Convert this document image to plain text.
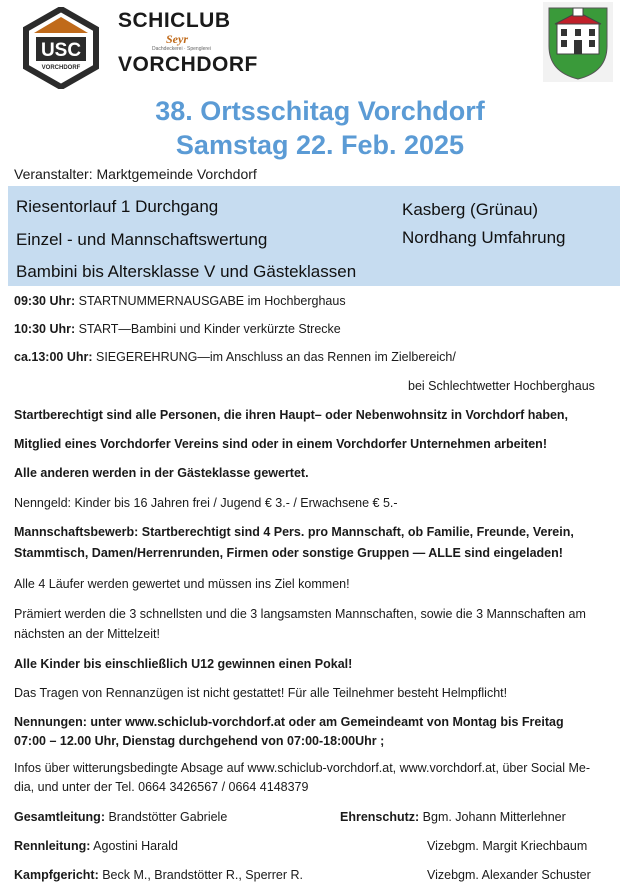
USC
VORCHDORF
SCHICLUB
Seyr
Dachdeckerei · Spenglerei
VORCHDORF
38. Ortsschitag Vorchdorf
Samstag 22. Feb. 2025
Veranstalter: Marktgemeinde Vorchdorf
Riesentorlauf 1 Durchgang
Einzel - und Mannschaftswertung
Bambini bis Altersklasse V und Gästeklassen
Kasberg (Grünau)
Nordhang Umfahrung
09:30 Uhr: STARTNUMMERNAUSGABE im Hochberghaus
10:30 Uhr: START—Bambini und Kinder verkürzte Strecke
ca.13:00 Uhr: SIEGEREHRUNG—im Anschluss an das Rennen im Zielbereich/
bei Schlechtwetter Hochberghaus
Startberechtigt sind alle Personen, die ihren Haupt– oder Nebenwohnsitz in Vorchdorf haben,
Mitglied eines Vorchdorfer Vereins sind oder in einem Vorchdorfer Unternehmen arbeiten!
Alle anderen werden in der Gästeklasse gewertet.
Nenngeld: Kinder bis 16 Jahren frei / Jugend € 3.- / Erwachsene € 5.-
Mannschaftsbewerb: Startberechtigt sind 4 Pers. pro Mannschaft, ob Familie, Freunde, Verein,
Stammtisch, Damen/Herrenrunden, Firmen oder sonstige Gruppen — ALLE sind eingeladen!
Alle 4 Läufer werden gewertet und müssen ins Ziel kommen!
Prämiert werden die 3 schnellsten und die 3 langsamsten Mannschaften, sowie die 3 Mannschaften am
nächsten an der Mittelzeit!
Alle Kinder bis einschließlich U12 gewinnen einen Pokal!
Das Tragen von Rennanzügen ist nicht gestattet! Für alle Teilnehmer besteht Helmpflicht!
Nennungen: unter www.schiclub-vorchdorf.at oder am Gemeindeamt von Montag bis Freitag
07:00 – 12.00 Uhr, Dienstag durchgehend von 07:00-18:00Uhr ;
Infos über witterungsbedingte Absage auf www.schiclub-vorchdorf.at, www.vorchdorf.at, über Social Me-
dia, und unter der Tel. 0664 3426567 / 0664 4148379
Gesamtleitung: Brandstötter Gabriele
Rennleitung: Agostini Harald
Kampfgericht: Beck M., Brandstötter R., Sperrer R.
Ehrenschutz: Bgm. Johann Mitterlehner
Vizebgm. Margit Kriechbaum
Vizebgm. Alexander Schuster
